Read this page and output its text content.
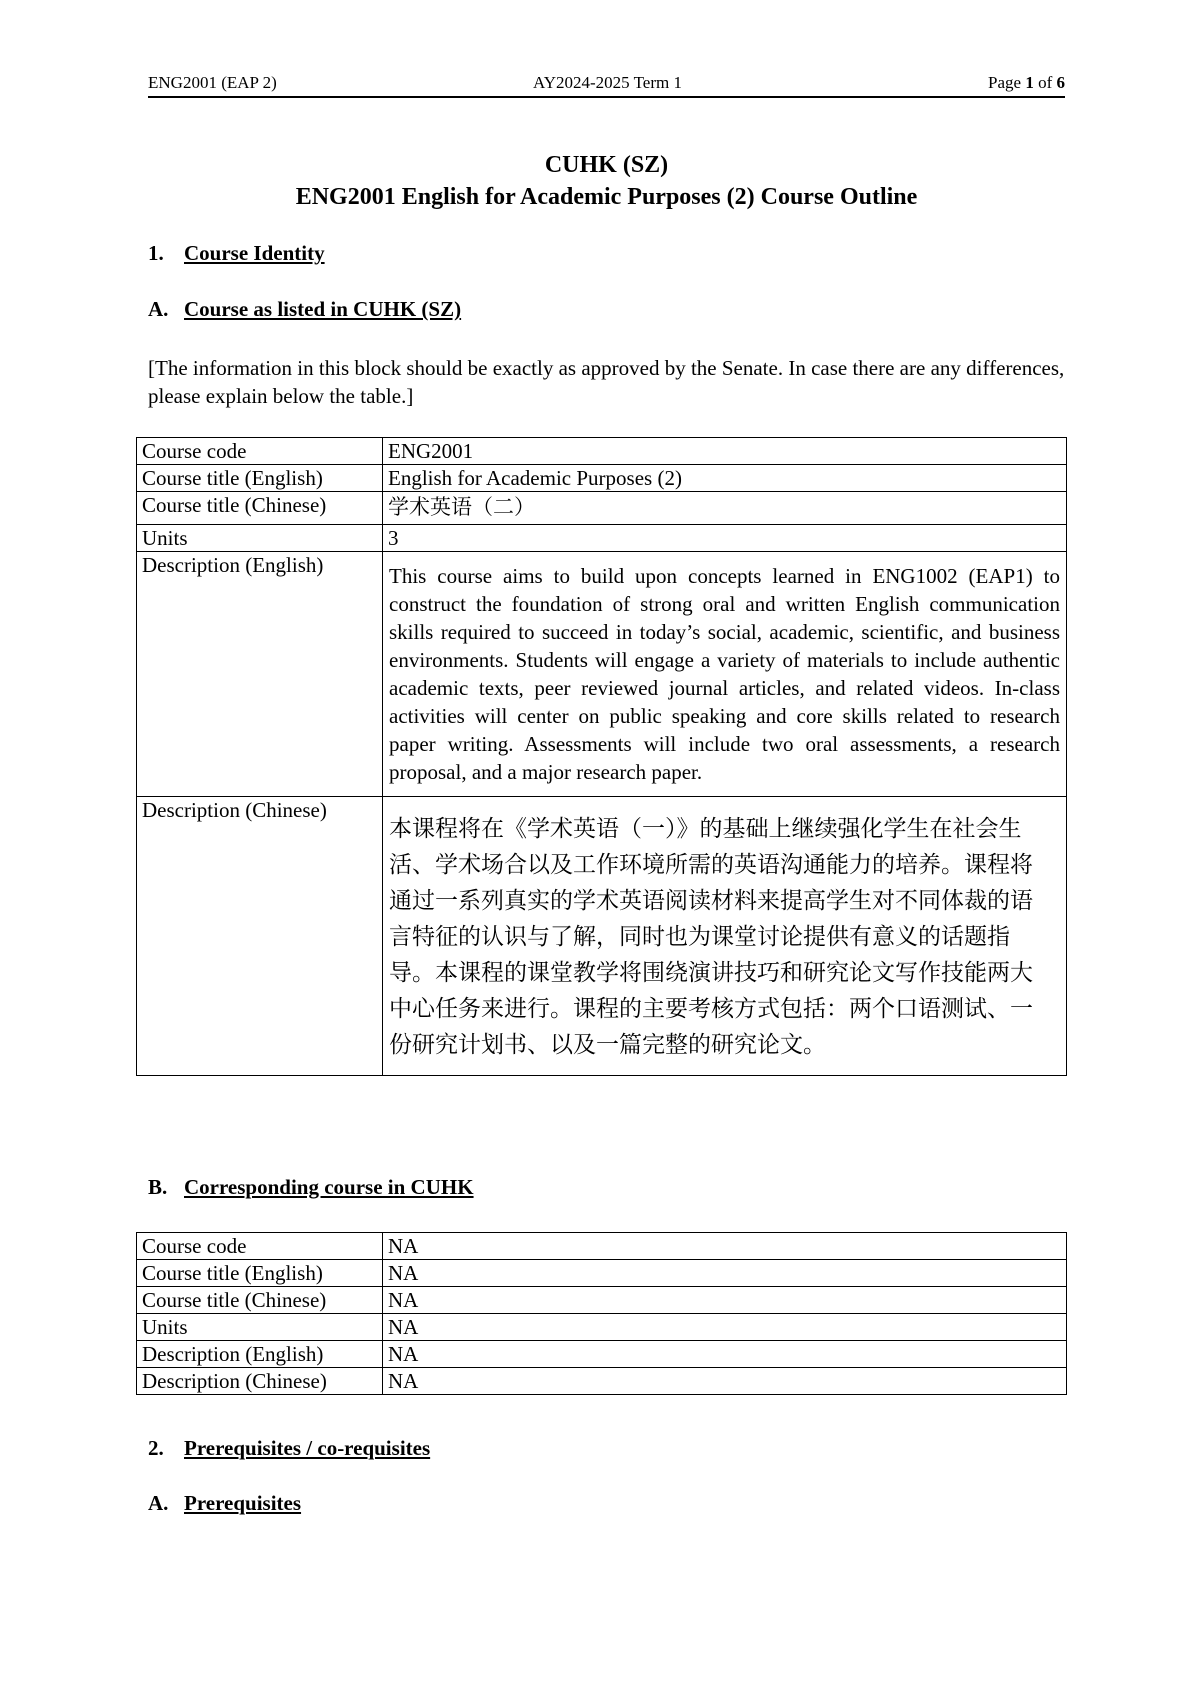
ENG2001 (EAP 2)	AY2024-2025 Term 1	Page 1 of 6
CUHK (SZ)
ENG2001 English for Academic Purposes (2) Course Outline
1. Course Identity
A. Course as listed in CUHK (SZ)
[The information in this block should be exactly as approved by the Senate. In case there are any differences, please explain below the table.]
Course code	ENG2001
Course title (English)	English for Academic Purposes (2)
Course title (Chinese)	学术英语（二）
Units	3
Description (English)	This course aims to build upon concepts learned in ENG1002 (EAP1) to construct the foundation of strong oral and written English communication skills required to succeed in today’s social, academic, scientific, and business environments. Students will engage a variety of materials to include authentic academic texts, peer reviewed journal articles, and related videos. In-class activities will center on public speaking and core skills related to research paper writing. Assessments will include two oral assessments, a research proposal, and a major research paper.
Description (Chinese)	本课程将在《学术英语（一）》的基础上继续强化学生在社会生活、学术场合以及工作环境所需的英语沟通能力的培养。课程将通过一系列真实的学术英语阅读材料来提高学生对不同体裁的语言特征的认识与了解，同时也为课堂讨论提供有意义的话题指导。本课程的课堂教学将围绕演讲技巧和研究论文写作技能两大中心任务来进行。课程的主要考核方式包括：两个口语测试、一份研究计划书、以及一篇完整的研究论文。
B. Corresponding course in CUHK
Course code	NA
Course title (English)	NA
Course title (Chinese)	NA
Units	NA
Description (English)	NA
Description (Chinese)	NA
2. Prerequisites / co-requisites
A. Prerequisites
